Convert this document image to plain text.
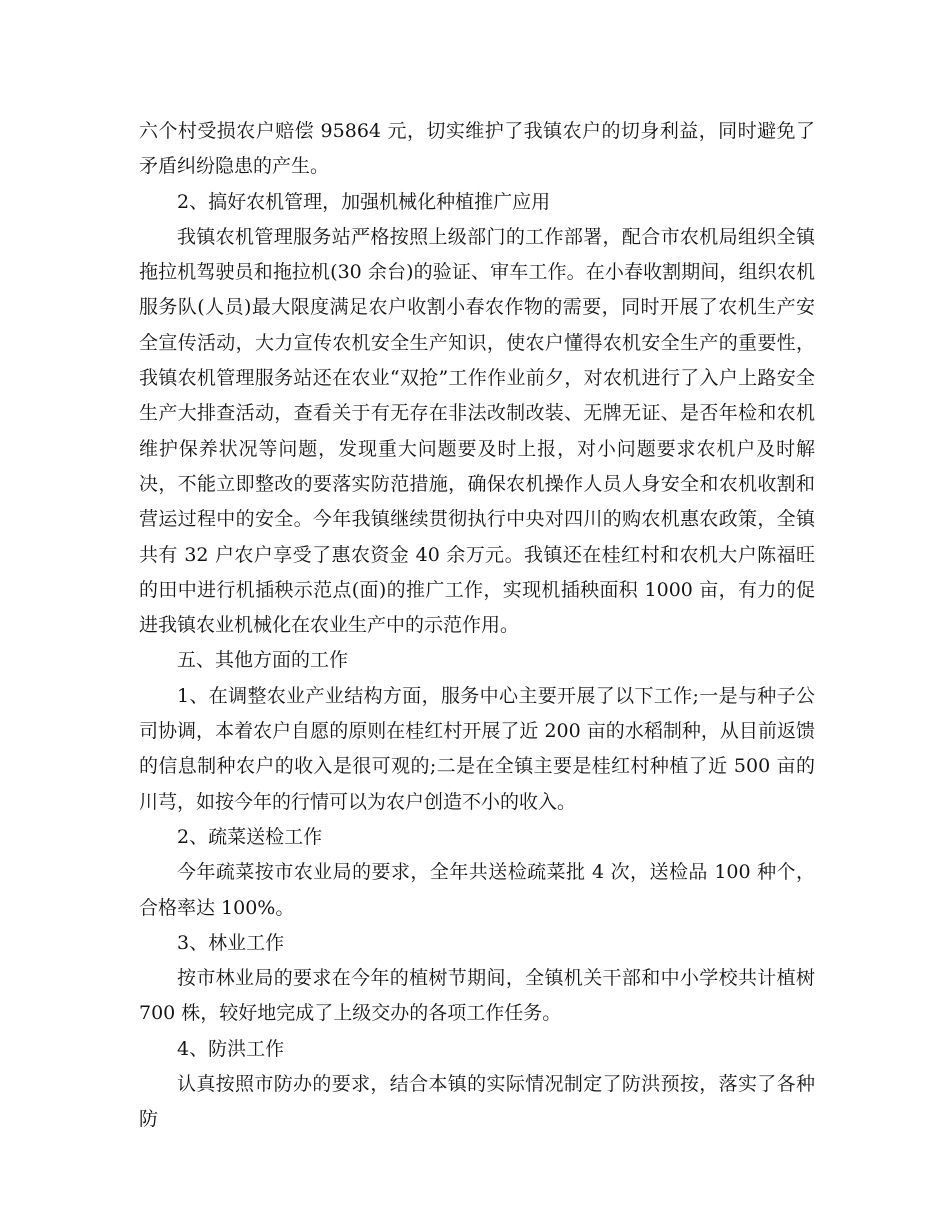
六个村受损农户赔偿 95864 元，切实维护了我镇农户的切身利益，同时避免了矛盾纠纷隐患的产生。

2、搞好农机管理，加强机械化种植推广应用

我镇农机管理服务站严格按照上级部门的工作部署，配合市农机局组织全镇拖拉机驾驶员和拖拉机(30 余台)的验证、审车工作。在小春收割期间，组织农机服务队(人员)最大限度满足农户收割小春农作物的需要，同时开展了农机生产安全宣传活动，大力宣传农机安全生产知识，使农户懂得农机安全生产的重要性，我镇农机管理服务站还在农业“双抢”工作作业前夕，对农机进行了入户上路安全生产大排查活动，查看关于有无存在非法改制改装、无牌无证、是否年检和农机维护保养状况等问题，发现重大问题要及时上报，对小问题要求农机户及时解决，不能立即整改的要落实防范措施，确保农机操作人员人身安全和农机收割和营运过程中的安全。今年我镇继续贯彻执行中央对四川的购农机惠农政策，全镇共有 32 户农户享受了惠农资金 40 余万元。我镇还在桂红村和农机大户陈福旺的田中进行机插秧示范点(面)的推广工作，实现机插秧面积 1000 亩，有力的促进我镇农业机械化在农业生产中的示范作用。

五、其他方面的工作

1、在调整农业产业结构方面，服务中心主要开展了以下工作;一是与种子公司协调，本着农户自愿的原则在桂红村开展了近 200 亩的水稻制种，从目前返馈的信息制种农户的收入是很可观的;二是在全镇主要是桂红村种植了近 500 亩的川芎，如按今年的行情可以为农户创造不小的收入。

2、疏菜送检工作

今年疏菜按市农业局的要求，全年共送检疏菜批 4 次，送检品 100 种个，合格率达 100%。

3、林业工作

按市林业局的要求在今年的植树节期间，全镇机关干部和中小学校共计植树700 株，较好地完成了上级交办的各项工作任务。

4、防洪工作

认真按照市防办的要求，结合本镇的实际情况制定了防洪预按，落实了各种防
